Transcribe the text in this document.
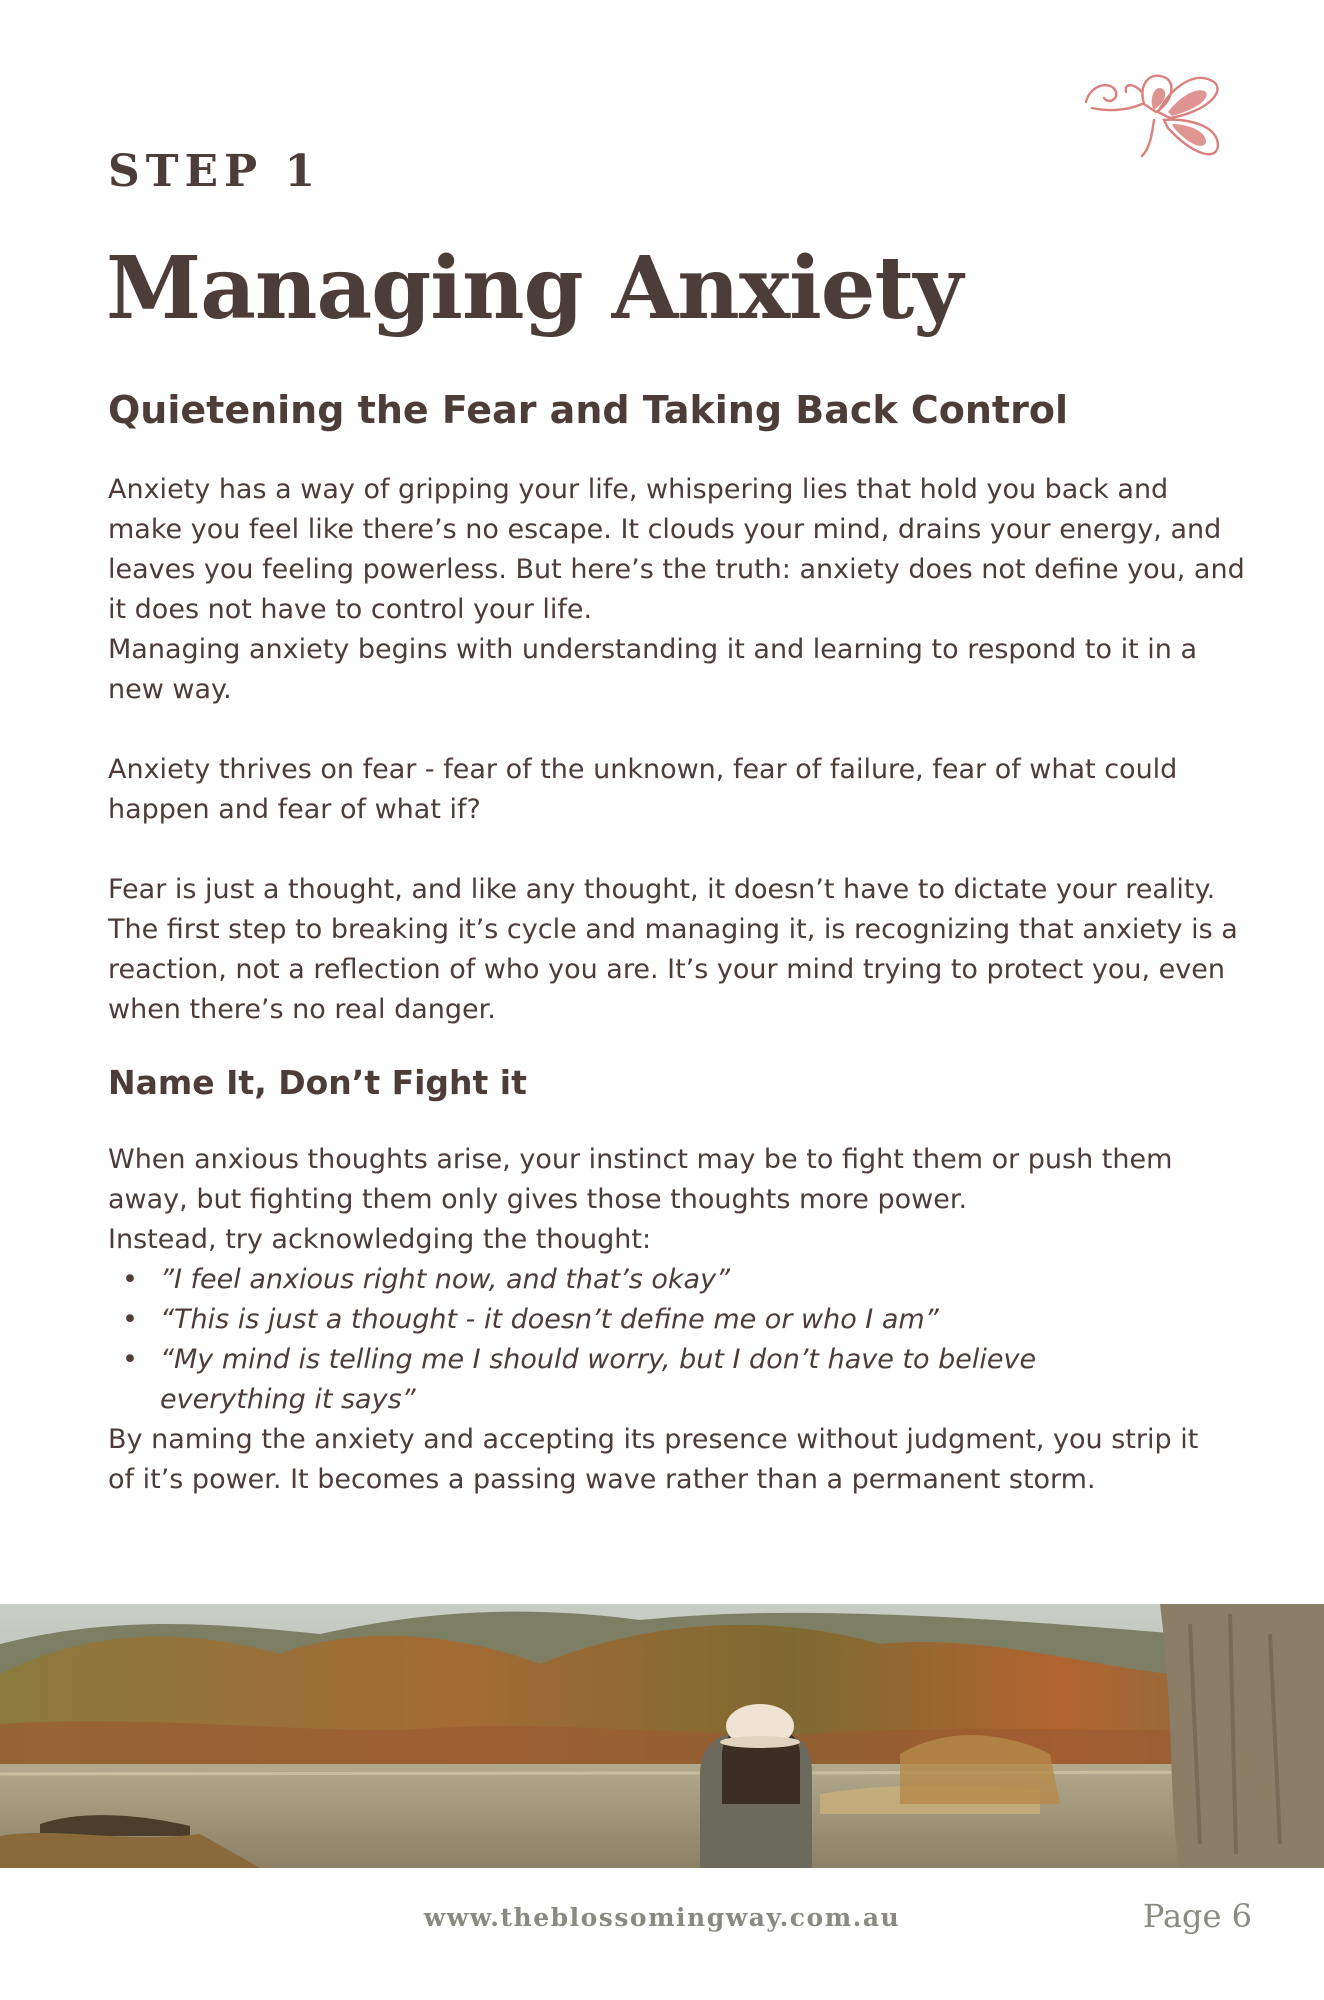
STEP 1
Managing Anxiety
Quietening the Fear and Taking Back Control

Anxiety has a way of gripping your life, whispering lies that hold you back and make you feel like there’s no escape. It clouds your mind, drains your energy, and leaves you feeling powerless. But here’s the truth: anxiety does not define you, and it does not have to control your life.

Managing anxiety begins with understanding it and learning to respond to it in a new way.

Anxiety thrives on fear - fear of the unknown, fear of failure, fear of what could happen and fear of what if?

Fear is just a thought, and like any thought, it doesn’t have to dictate your reality. The first step to breaking it’s cycle and managing it, is recognizing that anxiety is a reaction, not a reflection of who you are. It’s your mind trying to protect you, even when there’s no real danger.

Name It, Don’t Fight it

When anxious thoughts arise, your instinct may be to fight them or push them away, but fighting them only gives those thoughts more power.

Instead, try acknowledging the thought:

• ”I feel anxious right now, and that’s okay”
• “This is just a thought - it doesn’t define me or who I am”
• “My mind is telling me I should worry, but I don’t have to believe everything it says”

By naming the anxiety and accepting its presence without judgment, you strip it of it’s power. It becomes a passing wave rather than a permanent storm.

www.theblossomingway.com.au	Page 6
